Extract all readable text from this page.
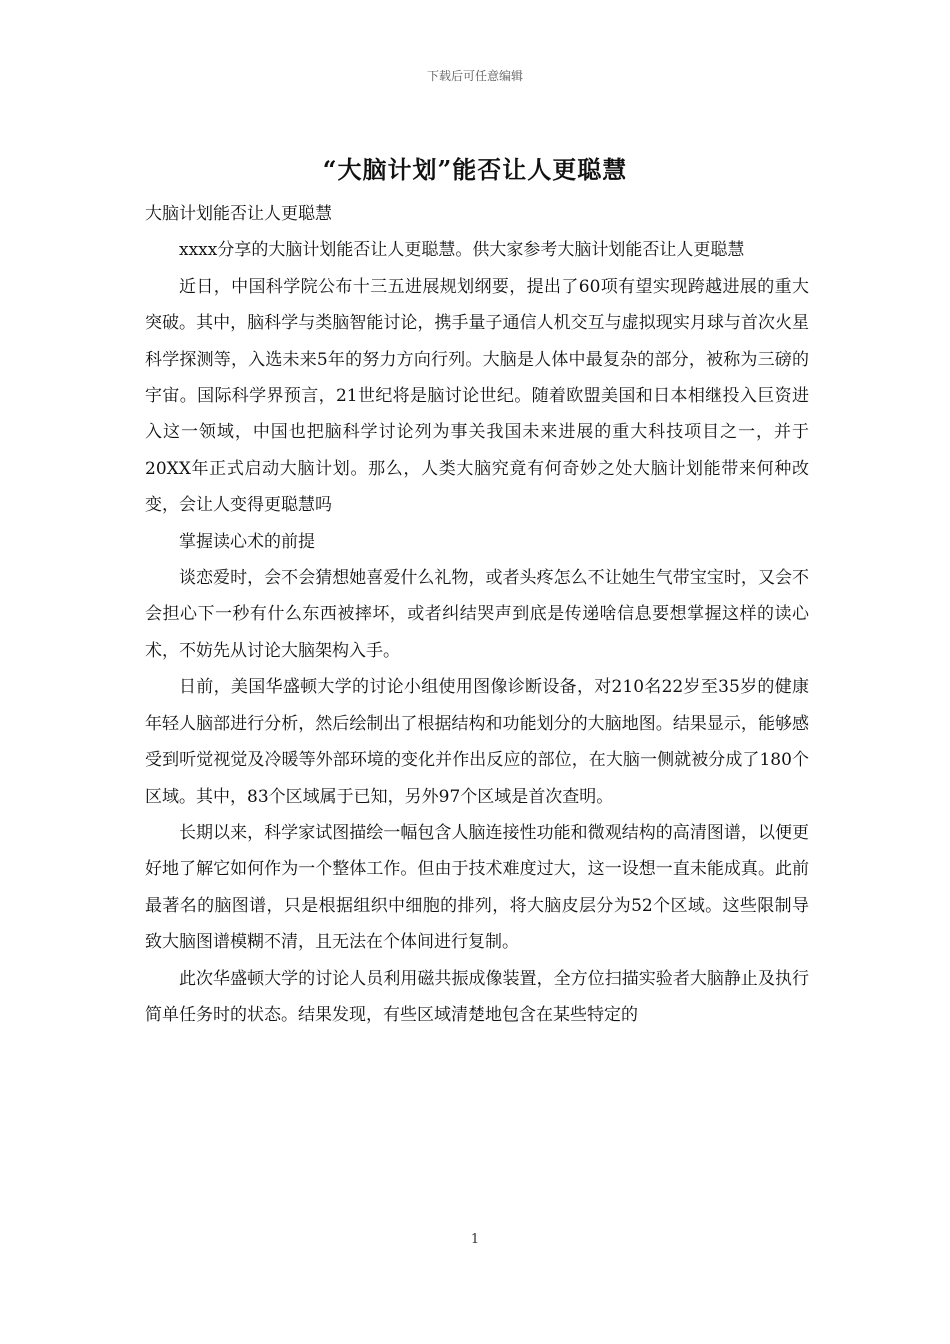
下载后可任意编辑
“大脑计划”能否让人更聪慧

大脑计划能否让人更聪慧

xxxx分享的大脑计划能否让人更聪慧。供大家参考大脑计划能否让人更聪慧

近日，中国科学院公布十三五进展规划纲要，提出了60项有望实现跨越进展的重大突破。其中，脑科学与类脑智能讨论，携手量子通信人机交互与虚拟现实月球与首次火星科学探测等，入选未来5年的努力方向行列。大脑是人体中最复杂的部分，被称为三磅的宇宙。国际科学界预言，21世纪将是脑讨论世纪。随着欧盟美国和日本相继投入巨资进入这一领域，中国也把脑科学讨论列为事关我国未来进展的重大科技项目之一，并于20XX年正式启动大脑计划。那么，人类大脑究竟有何奇妙之处大脑计划能带来何种改变，会让人变得更聪慧吗

掌握读心术的前提

谈恋爱时，会不会猜想她喜爱什么礼物，或者头疼怎么不让她生气带宝宝时，又会不会担心下一秒有什么东西被摔坏，或者纠结哭声到底是传递啥信息要想掌握这样的读心术，不妨先从讨论大脑架构入手。

日前，美国华盛顿大学的讨论小组使用图像诊断设备，对210名22岁至35岁的健康年轻人脑部进行分析，然后绘制出了根据结构和功能划分的大脑地图。结果显示，能够感受到听觉视觉及冷暖等外部环境的变化并作出反应的部位，在大脑一侧就被分成了180个区域。其中，83个区域属于已知，另外97个区域是首次查明。

长期以来，科学家试图描绘一幅包含人脑连接性功能和微观结构的高清图谱，以便更好地了解它如何作为一个整体工作。但由于技术难度过大，这一设想一直未能成真。此前最著名的脑图谱，只是根据组织中细胞的排列，将大脑皮层分为52个区域。这些限制导致大脑图谱模糊不清，且无法在个体间进行复制。

此次华盛顿大学的讨论人员利用磁共振成像装置，全方位扫描实验者大脑静止及执行简单任务时的状态。结果发现，有些区域清楚地包含在某些特定的

1
